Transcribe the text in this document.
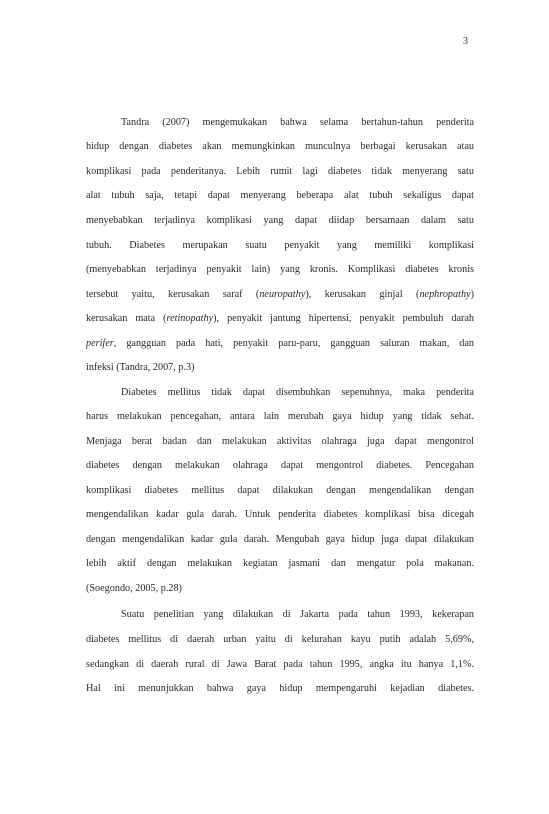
3
Tandra (2007) mengemukakan bahwa selama bertahun-tahun penderita
hidup dengan diabetes akan memungkinkan munculnya berbagai kerusakan atau
komplikasi pada penderitanya. Lebih rumit lagi diabetes tidak menyerang satu
alat tubuh saja, tetapi dapat menyerang beberapa alat tubuh sekaligus dapat
menyebabkan terjadinya komplikasi yang dapat diidap bersamaan dalam satu
tubuh. Diabetes merupakan suatu penyakit yang memiliki komplikasi
(menyebabkan terjadinya penyakit lain) yang kronis. Komplikasi diabetes kronis
tersebut yaitu, kerusakan saraf (neuropathy), kerusakan ginjal (nephropathy)
kerusakan mata (retinopathy), penyakit jantung hipertensi, penyakit pembuluh darah
perifer, gangguan pada hati, penyakit paru-paru, gangguan saluran makan, dan
infeksi (Tandra, 2007, p.3)
Diabetes mellitus tidak dapat disembuhkan sepenuhnya, maka penderita
harus melakukan pencegahan, antara lain merubah gaya hidup yang tidak sehat.
Menjaga berat badan dan melakukan aktivitas olahraga juga dapat mengontrol
diabetes dengan melakukan olahraga dapat mengontrol diabetes. Pencegahan
komplikasi diabetes mellitus dapat dilakukan dengan mengendalikan dengan
mengendalikan kadar gula darah. Untuk penderita diabetes komplikasi bisa dicegah
dengan mengendalikan kadar gula darah. Mengubah gaya hidup juga dapat dilakukan
lebih aktif dengan melakukan kegiatan jasmani dan mengatur pola makanan.
(Soegondo, 2005, p.28)
Suatu penelitian yang dilakukan di Jakarta pada tahun 1993, kekerapan
diabetes mellitus di daerah urban yaitu di kelurahan kayu putih adalah 5,69%,
sedangkan di daerah rural di Jawa Barat pada tahun 1995, angka itu hanya 1,1%.
Hal ini menunjukkan bahwa gaya hidup mempengaruhi kejadian diabetes.
